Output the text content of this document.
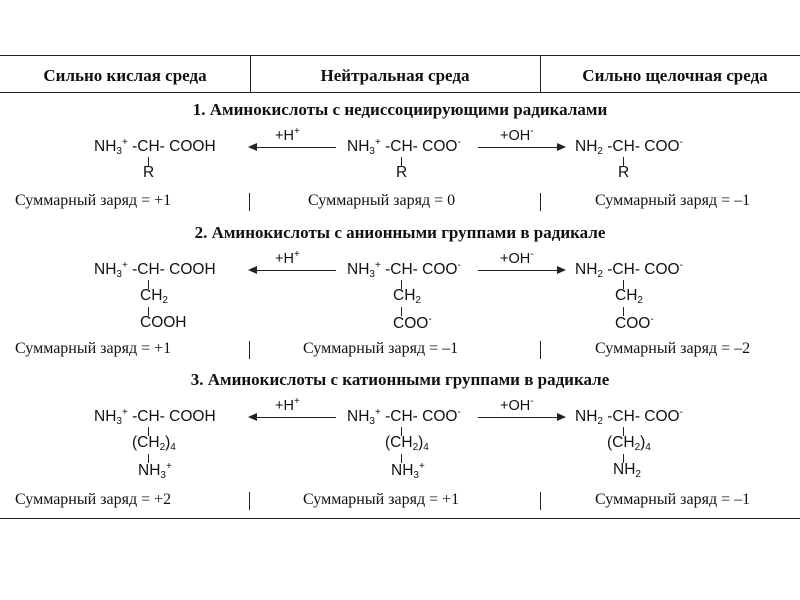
Сильно кислая среда	Нейтральная среда	Сильно щелочная среда
1. Аминокислоты с недиссоциирующими радикалами
$NH_3^+$ -CH- COOH
R
+H+
$NH_3^+$ -CH- COO-
R
+OH-
$NH_2$ -CH- COO-
R
Суммарный заряд = +1	Суммарный заряд = 0	Суммарный заряд = –1
2. Аминокислоты с анионными группами в радикале
$NH_3^+$ -CH- COOH
$CH_2$
COOH
+H+
$NH_3^+$ -CH- COO-
$CH_2$
COO-
+OH-
$NH_2$ -CH- COO-
$CH_2$
COO-
Суммарный заряд = +1	Суммарный заряд = –1	Суммарный заряд = –2
3. Аминокислоты с катионными группами в радикале
$NH_3^+$ -CH- COOH
$(CH_2)_4$
$NH_3^+$
+H+
$NH_3^+$ -CH- COO-
$(CH_2)_4$
$NH_3^+$
+OH-
$NH_2$ -CH- COO-
$(CH_2)_4$
$NH_2$
Суммарный заряд = +2	Суммарный заряд = +1	Суммарный заряд = –1
